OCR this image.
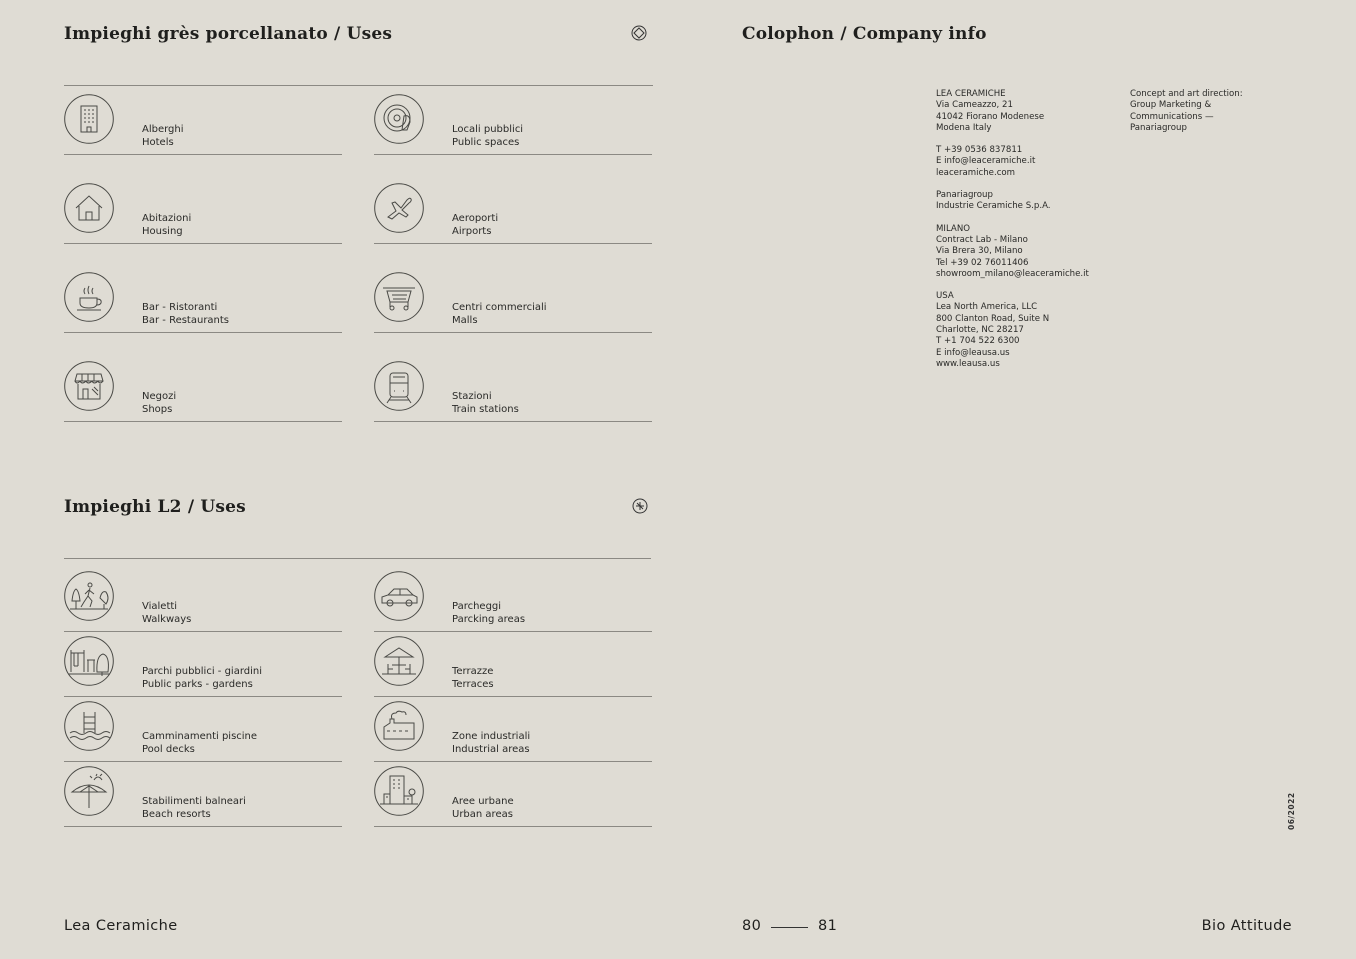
Impieghi grès porcellanato / Uses
Alberghi
Hotels
Locali pubblici
Public spaces
Abitazioni
Housing
Aeroporti
Airports
Bar - Ristoranti
Bar - Restaurants
Centri commerciali
Malls
Negozi
Shops
Stazioni
Train stations
Impieghi L2 / Uses
Vialetti
Walkways
Parcheggi
Parcking areas
Parchi pubblici - giardini
Public parks - gardens
Terrazze
Terraces
Camminamenti piscine
Pool decks
Zone industriali
Industrial areas
Stabilimenti balneari
Beach resorts
Aree urbane
Urban areas
Colophon / Company info
LEA CERAMICHE
Via Cameazzo, 21
41042 Fiorano Modenese
Modena Italy
T +39 0536 837811
E info@leaceramiche.it
leaceramiche.com
Panariagroup
Industrie Ceramiche S.p.A.
MILANO
Contract Lab - Milano
Via Brera 30, Milano
Tel +39 02 76011406
showroom_milano@leaceramiche.it
USA
Lea North America, LLC
800 Clanton Road, Suite N
Charlotte, NC 28217
T +1 704 522 6300
E info@leausa.us
www.leausa.us
Concept and art direction:
Group Marketing &
Communications —
Panariagroup
06/2022
Lea Ceramiche	80	81	Bio Attitude
